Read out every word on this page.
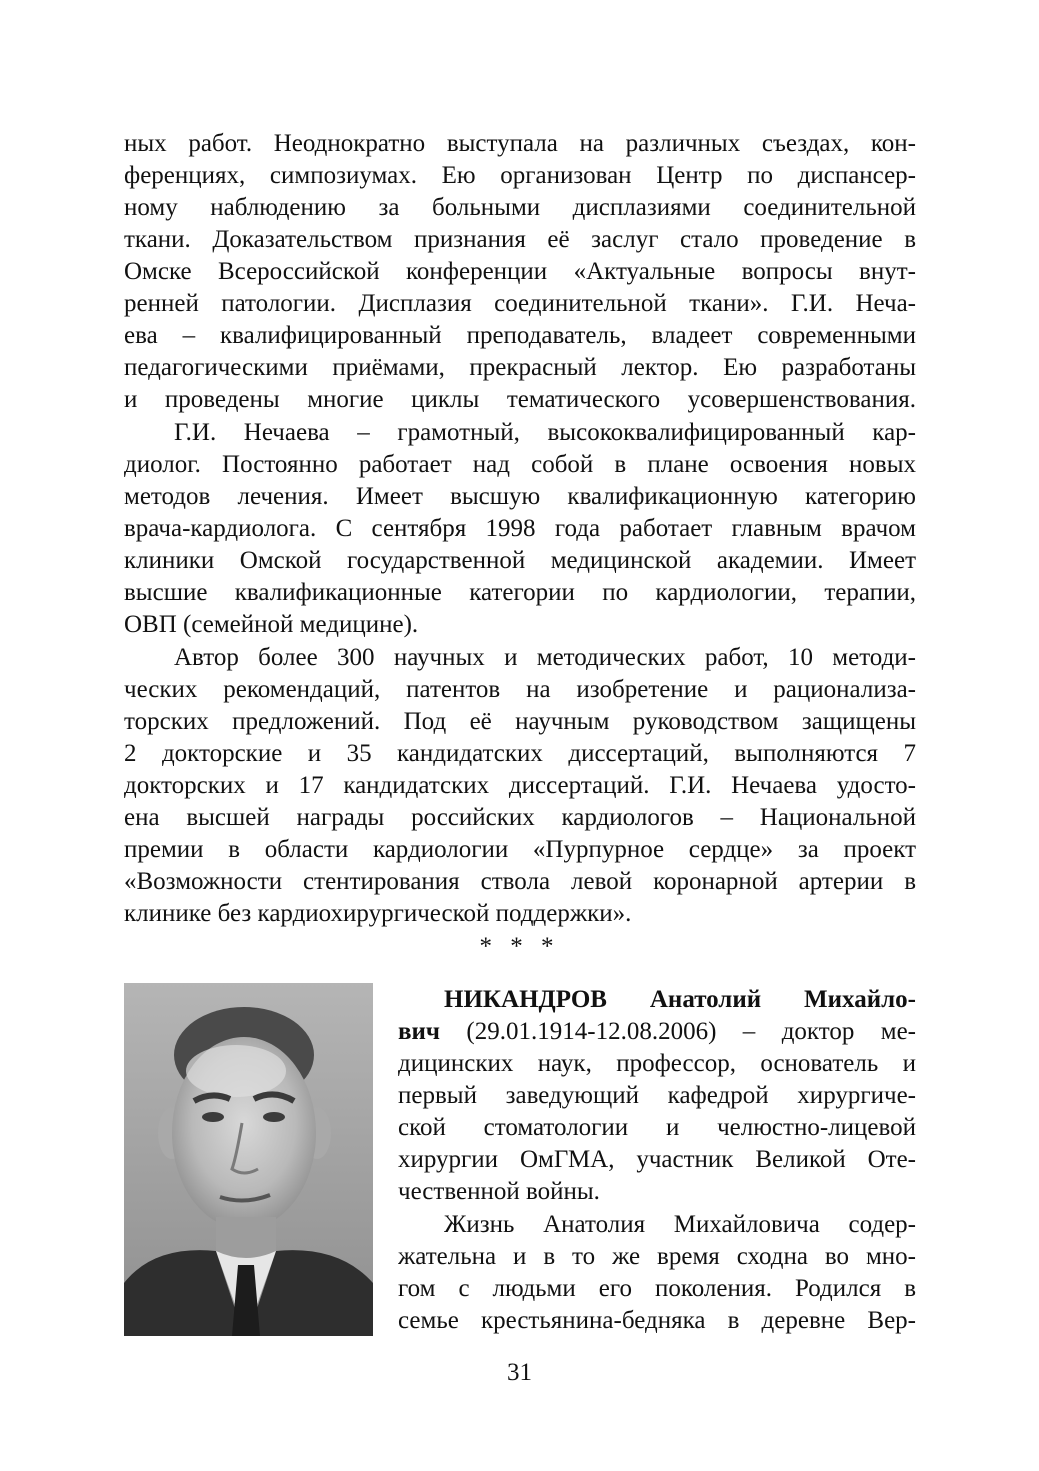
ных работ. Неоднократно выступала на различных съездах, кон-
ференциях, симпозиумах. Ею организован Центр по диспансер-
ному наблюдению за больными дисплазиями соединительной
ткани. Доказательством признания её заслуг стало проведение в
Омске Всероссийской конференции «Актуальные вопросы внут-
ренней патологии. Дисплазия соединительной ткани». Г.И. Неча-
ева – квалифицированный преподаватель, владеет современными
педагогическими приёмами, прекрасный лектор. Ею разработаны
и проведены многие циклы тематического усовершенствования.
Г.И. Нечаева – грамотный, высококвалифицированный кар-
диолог. Постоянно работает над собой в плане освоения новых
методов лечения. Имеет высшую квалификационную категорию
врача-кардиолога. С сентября 1998 года работает главным врачом
клиники Омской государственной медицинской академии. Имеет
высшие квалификационные категории по кардиологии, терапии,
ОВП (семейной медицине).
Автор более 300 научных и методических работ, 10 методи-
ческих рекомендаций, патентов на изобретение и рационализа-
торских предложений. Под её научным руководством защищены
2 докторские и 35 кандидатских диссертаций, выполняются 7
докторских и 17 кандидатских диссертаций. Г.И. Нечаева удосто-
ена высшей награды российских кардиологов – Национальной
премии в области кардиологии «Пурпурное сердце» за проект
«Возможности стентирования ствола левой коронарной артерии в
клинике без кардиохирургической поддержки».
* * *
НИКАНДРОВ Анатолий Михайло-
вич (29.01.1914-12.08.2006) – доктор ме-
дицинских наук, профессор, основатель и
первый заведующий кафедрой хирургиче-
ской стоматологии и челюстно-лицевой
хирургии ОмГМА, участник Великой Оте-
чественной войны.
Жизнь Анатолия Михайловича содер-
жательна и в то же время сходна во мно-
гом с людьми его поколения. Родился в
семье крестьянина-бедняка в деревне Вер-
31
